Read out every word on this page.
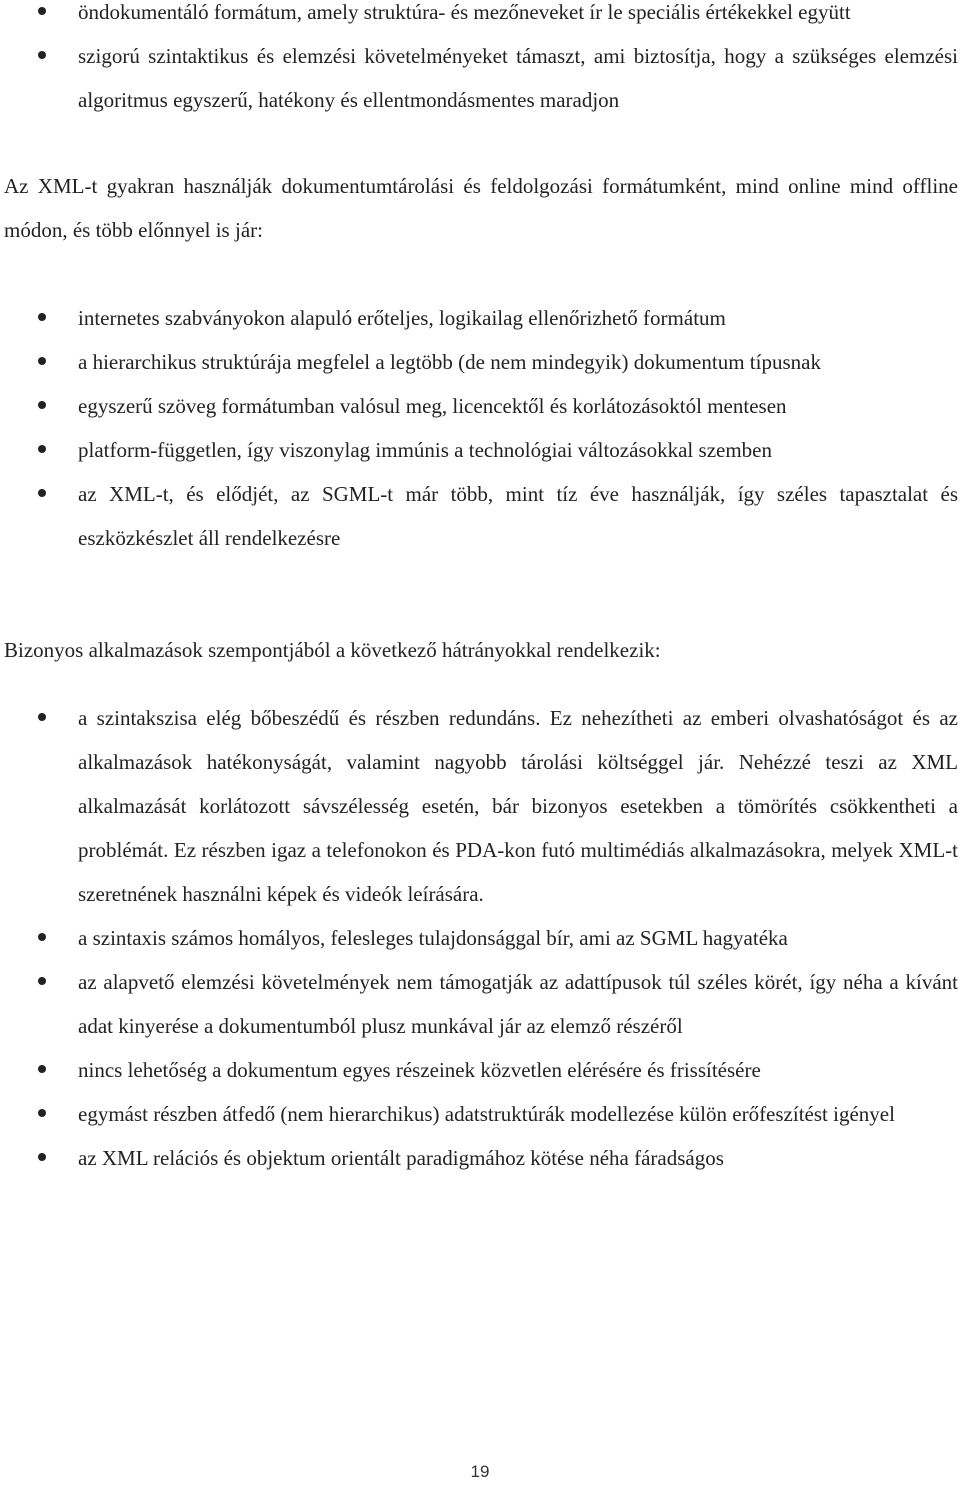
öndokumentáló formátum, amely struktúra- és mezőneveket ír le speciális értékekkel együtt
szigorú szintaktikus és elemzési követelményeket támaszt, ami biztosítja, hogy a szükséges elemzési algoritmus egyszerű, hatékony és ellentmondásmentes maradjon
Az XML-t gyakran használják dokumentumtárolási és feldolgozási formátumként, mind online mind offline módon, és több előnnyel is jár:
internetes szabványokon alapuló erőteljes, logikailag ellenőrizhető formátum
a hierarchikus struktúrája megfelel a legtöbb (de nem mindegyik) dokumentum típusnak
egyszerű szöveg formátumban valósul meg, licencektől és korlátozásoktól mentesen
platform-független, így viszonylag immúnis a technológiai változásokkal szemben
az XML-t, és elődjét, az SGML-t már több, mint tíz éve használják, így széles tapasztalat és eszközkészlet áll rendelkezésre
Bizonyos alkalmazások szempontjából a következő hátrányokkal rendelkezik:
a szintakszisa elég bőbeszédű és részben redundáns. Ez nehezítheti az emberi olvashatóságot és az alkalmazások hatékonyságát, valamint nagyobb tárolási költséggel jár. Nehézzé teszi az XML alkalmazását korlátozott sávszélesség esetén, bár bizonyos esetekben a tömörítés csökkentheti a problémát. Ez részben igaz a telefonokon és PDA-kon futó multimédiás alkalmazásokra, melyek XML-t szeretnének használni képek és videók leírására.
a szintaxis számos homályos, felesleges tulajdonsággal bír, ami az SGML hagyatéka
az alapvető elemzési követelmények nem támogatják az adattípusok túl széles körét, így néha a kívánt adat kinyerése a dokumentumból plusz munkával jár az elemző részéről
nincs lehetőség a dokumentum egyes részeinek közvetlen elérésére és frissítésére
egymást részben átfedő (nem hierarchikus) adatstruktúrák modellezése külön erőfeszítést igényel
az XML relációs és objektum orientált paradigmához kötése néha fáradságos
19
